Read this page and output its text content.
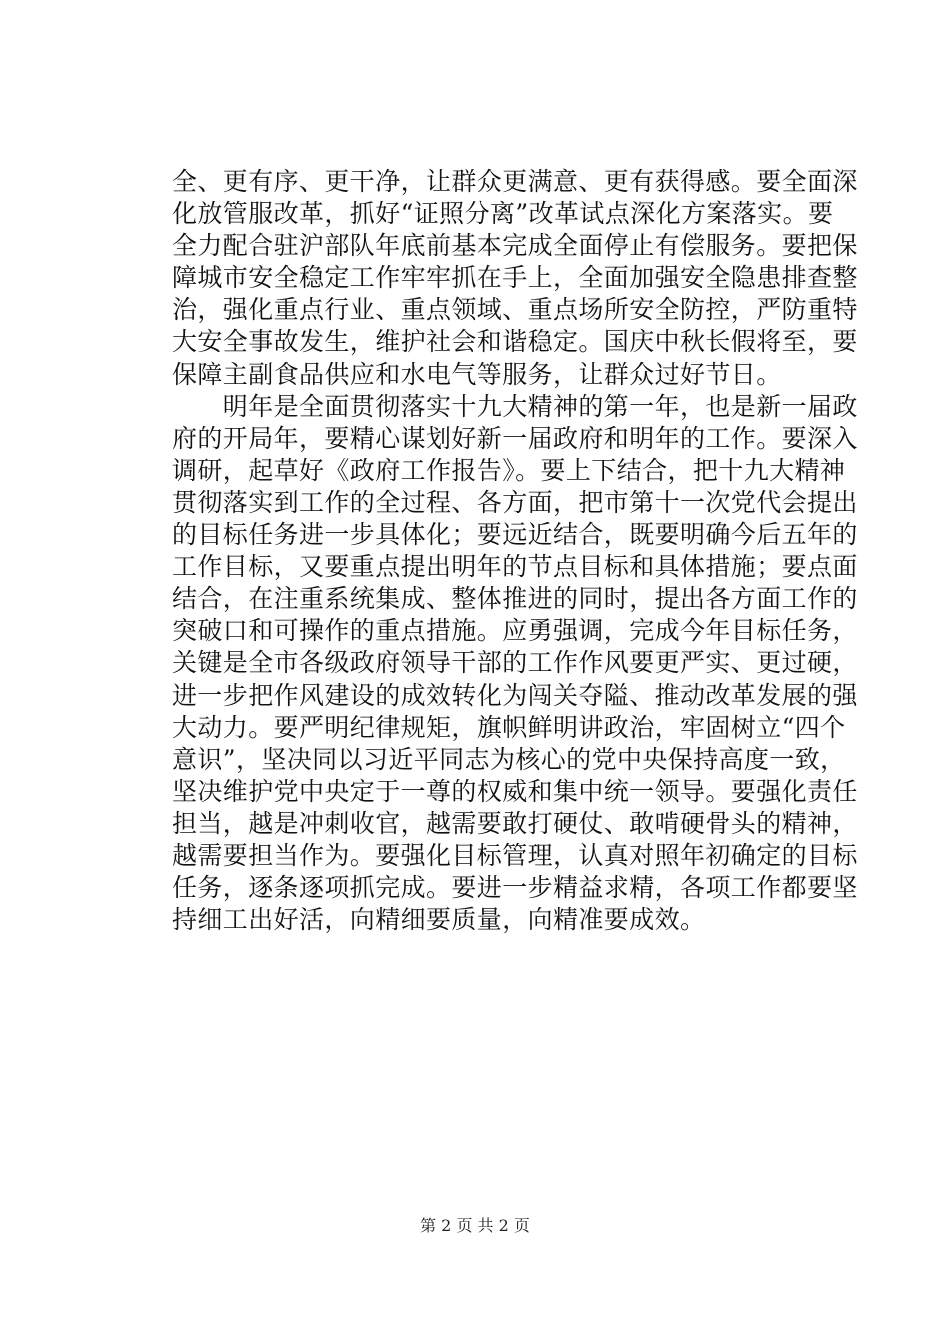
全、更有序、更干净，让群众更满意、更有获得感。要全面深
化放管服改革，抓好“证照分离”改革试点深化方案落实。要
全力配合驻沪部队年底前基本完成全面停止有偿服务。要把保
障城市安全稳定工作牢牢抓在手上，全面加强安全隐患排查整
治，强化重点行业、重点领域、重点场所安全防控，严防重特
大安全事故发生，维护社会和谐稳定。国庆中秋长假将至，要
保障主副食品供应和水电气等服务，让群众过好节日。
　　明年是全面贯彻落实十九大精神的第一年，也是新一届政
府的开局年，要精心谋划好新一届政府和明年的工作。要深入
调研，起草好《政府工作报告》。要上下结合，把十九大精神
贯彻落实到工作的全过程、各方面，把市第十一次党代会提出
的目标任务进一步具体化；要远近结合，既要明确今后五年的
工作目标，又要重点提出明年的节点目标和具体措施；要点面
结合，在注重系统集成、整体推进的同时，提出各方面工作的
突破口和可操作的重点措施。应勇强调，完成今年目标任务，
关键是全市各级政府领导干部的工作作风要更严实、更过硬，
进一步把作风建设的成效转化为闯关夺隘、推动改革发展的强
大动力。要严明纪律规矩，旗帜鲜明讲政治，牢固树立“四个
意识”，坚决同以习近平同志为核心的党中央保持高度一致，
坚决维护党中央定于一尊的权威和集中统一领导。要强化责任
担当，越是冲刺收官，越需要敢打硬仗、敢啃硬骨头的精神，
越需要担当作为。要强化目标管理，认真对照年初确定的目标
任务，逐条逐项抓完成。要进一步精益求精，各项工作都要坚
持细工出好活，向精细要质量，向精准要成效。
第 2 页 共 2 页
